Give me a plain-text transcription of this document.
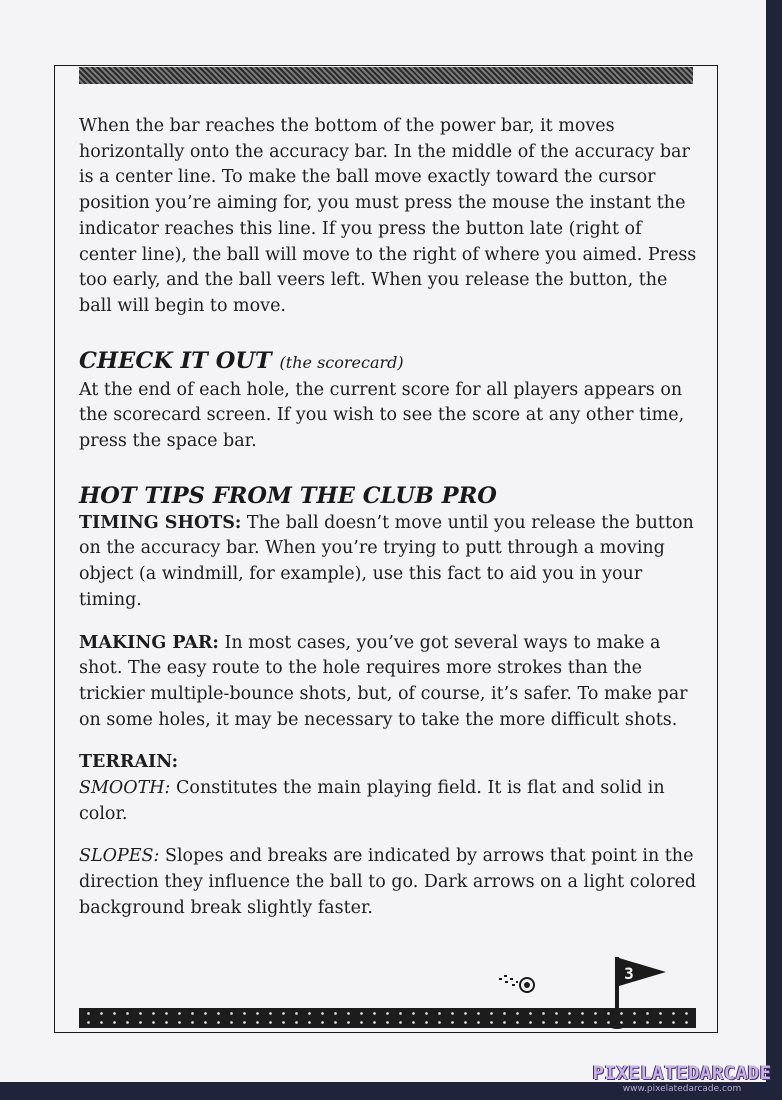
When the bar reaches the bottom of the power bar, it moves horizontally onto the accuracy bar. In the middle of the accuracy bar is a center line. To make the ball move exactly toward the cursor position you’re aiming for, you must press the mouse the instant the indicator reaches this line. If you press the button late (right of center line), the ball will move to the right of where you aimed. Press too early, and the ball veers left. When you release the button, the ball will begin to move.

CHECK IT OUT (the scorecard)

At the end of each hole, the current score for all players appears on the scorecard screen. If you wish to see the score at any other time, press the space bar.

HOT TIPS FROM THE CLUB PRO

TIMING SHOTS: The ball doesn’t move until you release the button on the accuracy bar. When you’re trying to putt through a moving object (a windmill, for example), use this fact to aid you in your timing.

MAKING PAR: In most cases, you’ve got several ways to make a shot. The easy route to the hole requires more strokes than the trickier multiple-bounce shots, but, of course, it’s safer. To make par on some holes, it may be necessary to take the more difficult shots.

TERRAIN:

SMOOTH: Constitutes the main playing field. It is flat and solid in color.

SLOPES: Slopes and breaks are indicated by arrows that point in the direction they influence the ball to go. Dark arrows on a light colored background break slightly faster.

3
PIXELATEDARCADE
www.pixelatedarcade.com
